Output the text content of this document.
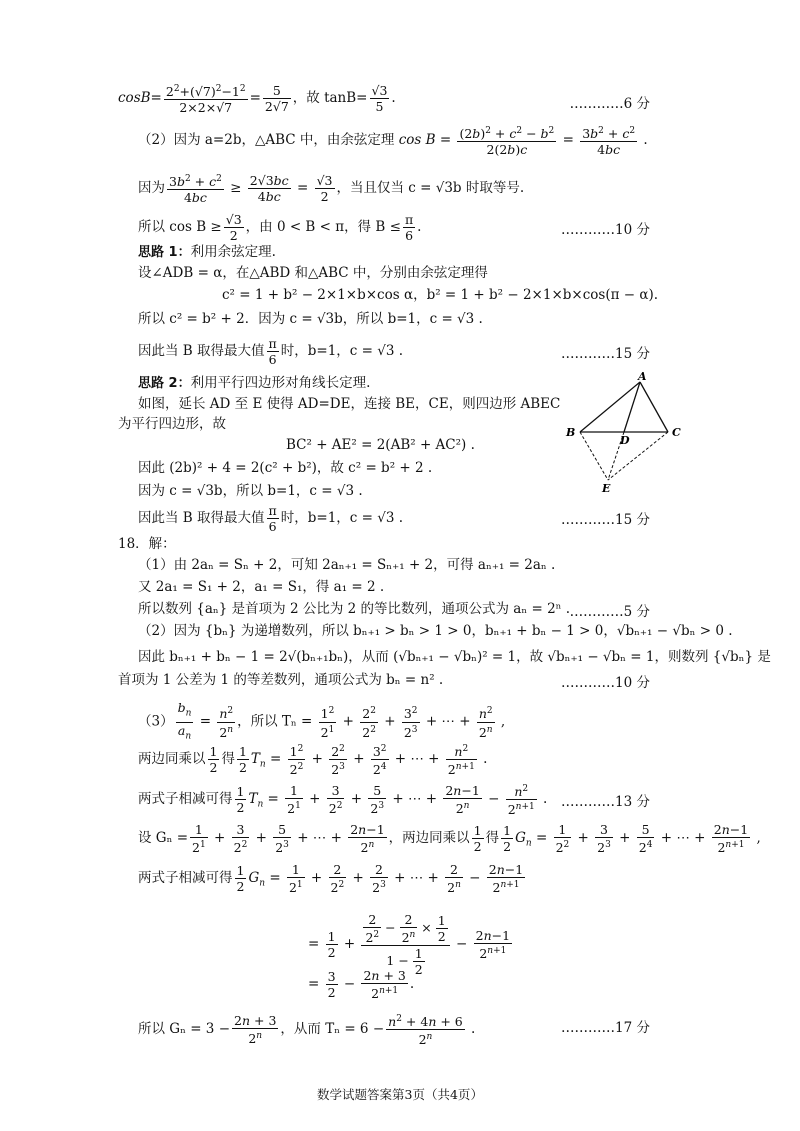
$\cos B= \frac{2^2+(√7)^2-1^2}{2\times 2\times√7} = \frac{5}{2√7}$ ，故 $\tan B= \frac{√3}{5}$ .	…………6 分
（2）因为 a=2b，△ABC 中，由余弦定理 $\cos B = \frac{(2b)^2 + c^2 - b^2}{2(2b)c} = \frac{3b^2 + c^2}{4bc}$ .
因为 $\frac{3b^2 + c^2}{4bc} \ge \frac{2√3bc}{4bc} = \frac{√3}{2}$ ，当且仅当 c = √3b 时取等号.
所以 $\cos B \ge \frac{√3}{2}$ ，由 0 < B < π，得 $B \le \frac{\pi}{6}$ .	…………10 分
思路 1：利用余弦定理.
设∠ADB = α，在△ABD 和△ABC 中，分别由余弦定理得
c² = 1 + b² − 2×1×b×cos α，b² = 1 + b² − 2×1×b×cos(π − α).
所以 c² = b² + 2．因为 c = √3b，所以 b=1，c = √3 .
因此当 B 取得最大值 $\frac{\pi}{6}$ 时，b=1，c = √3 .	…………15 分
思路 2：利用平行四边形对角线长定理.
如图，延长 AD 至 E 使得 AD=DE，连接 BE，CE，则四边形 ABEC
为平行四边形，故
BC² + AE² = 2(AB² + AC²) .
因此 (2b)² + 4 = 2(c² + b²)，故 c² = b² + 2 .
因为 c = √3b，所以 b=1，c = √3 .
因此当 B 取得最大值 $\frac{\pi}{6}$ 时，b=1，c = √3 .	…………15 分
A
B
D
C
E
18．解：
（1）由 2aₙ = Sₙ + 2，可知 2aₙ₊₁ = Sₙ₊₁ + 2，可得 aₙ₊₁ = 2aₙ .
又 2a₁ = S₁ + 2，a₁ = S₁，得 a₁ = 2 .
所以数列 {aₙ} 是首项为 2 公比为 2 的等比数列，通项公式为 aₙ = 2ⁿ . …………5 分
（2）因为 {bₙ} 为递增数列，所以 bₙ₊₁ > bₙ > 1 > 0，bₙ₊₁ + bₙ − 1 > 0，√bₙ₊₁ − √bₙ > 0 .
因此 bₙ₊₁ + bₙ − 1 = 2√(bₙ₊₁bₙ)，从而 (√bₙ₊₁ − √bₙ)² = 1，故 √bₙ₊₁ − √bₙ = 1，则数列 {√bₙ} 是
首项为 1 公差为 1 的等差数列，通项公式为 bₙ = n² .	…………10 分
$(3) \frac{b_n}{a_n} = \frac{n^2}{2^n}$ ，所以 $T_n = \frac{1^2}{2^1} + \frac{2^2}{2^2} + \frac{3^2}{2^3}$ + ⋯ + $\frac{n^2}{2^n}$ ,
两边同乘以 $\frac{1}{2}$ 得 $\frac{1}{2} T_n = \frac{1^2}{2^2} + \frac{2^2}{2^3} + \frac{3^2}{2^4}$ + ⋯ + $\frac{n^2}{2^{n+1}}$ .
两式子相减可得 $\frac{1}{2} T_n = \frac{1}{2^1} + \frac{3}{2^2} + \frac{5}{2^3}$ + ⋯ + $\frac{2n-1}{2^n} - \frac{n^2}{2^{n+1}}$ . …………13 分
设 $G_n = \frac{1}{2^1} + \frac{3}{2^2} + \frac{5}{2^3}$ + ⋯ + $\frac{2n-1}{2^n}$ ，两边同乘以 $\frac{1}{2}$ 得 $\frac{1}{2} G_n = \frac{1}{2^2} + \frac{3}{2^3} + \frac{5}{2^4}$ + ⋯ + $\frac{2n-1}{2^{n+1}}$ ,
两式子相减可得 $\frac{1}{2} G_n = \frac{1}{2^1} + \frac{2}{2^2} + \frac{2}{2^3}$ + ⋯ + $\frac{2}{2^n} - \frac{2n-1}{2^{n+1}}$
= $\frac{1}{2} + \frac{\frac{2}{2^2} - \frac{2}{2^n} \times \frac{1}{2}}{1 - \frac{1}{2}} - \frac{2n-1}{2^{n+1}}$
= $\frac{3}{2} - \frac{2n + 3}{2^{n+1}}$ .
所以 $G_n = 3 - \frac{2n + 3}{2^n}$ ，从而 $T_n = 6 - \frac{n^2 + 4n + 6}{2^n}$ .	…………17 分
数学试题答案第3页（共4页）
